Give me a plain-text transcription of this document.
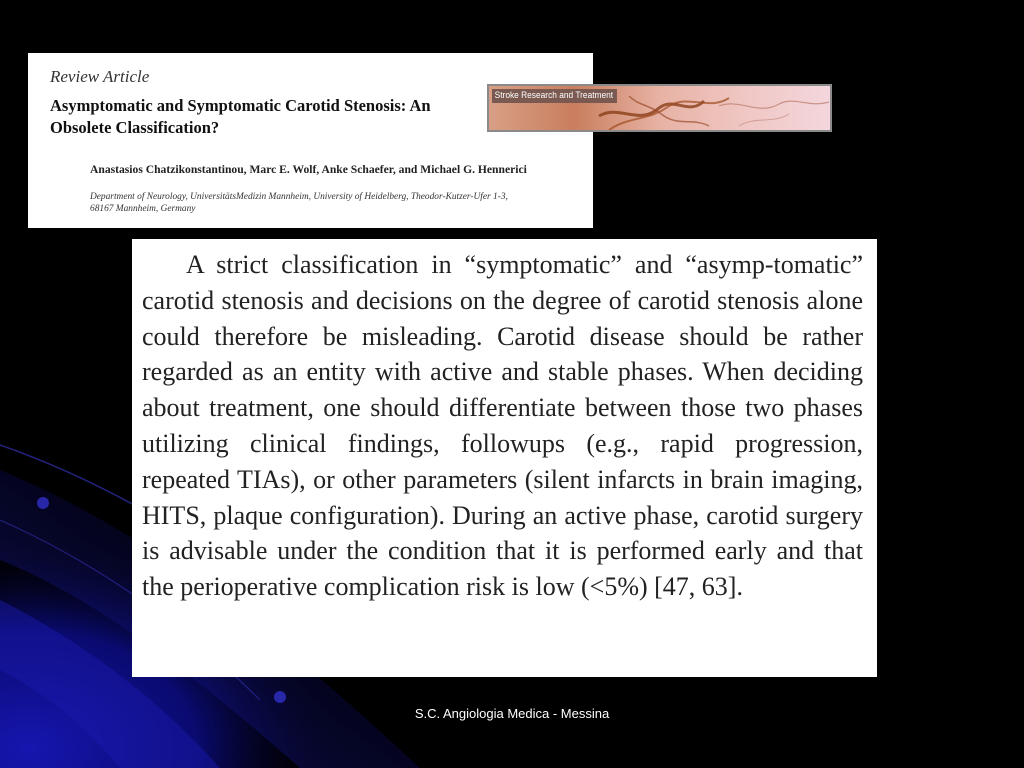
Review Article

Asymptomatic and Symptomatic Carotid Stenosis: An Obsolete Classification?

Anastasios Chatzikonstantinou, Marc E. Wolf, Anke Schaefer, and Michael G. Hennerici

Department of Neurology, UniversitätsMedizin Mannheim, University of Heidelberg, Theodor-Kutzer-Ufer 1-3, 68167 Mannheim, Germany

Stroke Research and Treatment

A strict classification in “symptomatic” and “asymp-tomatic” carotid stenosis and decisions on the degree of carotid stenosis alone could therefore be misleading. Carotid disease should be rather regarded as an entity with active and stable phases. When deciding about treatment, one should differentiate between those two phases utilizing clinical findings, followups (e.g., rapid progression, repeated TIAs), or other parameters (silent infarcts in brain imaging, HITS, plaque configuration). During an active phase, carotid surgery is advisable under the condition that it is performed early and that the perioperative complication risk is low (<5%) [47, 63].

S.C. Angiologia Medica - Messina
